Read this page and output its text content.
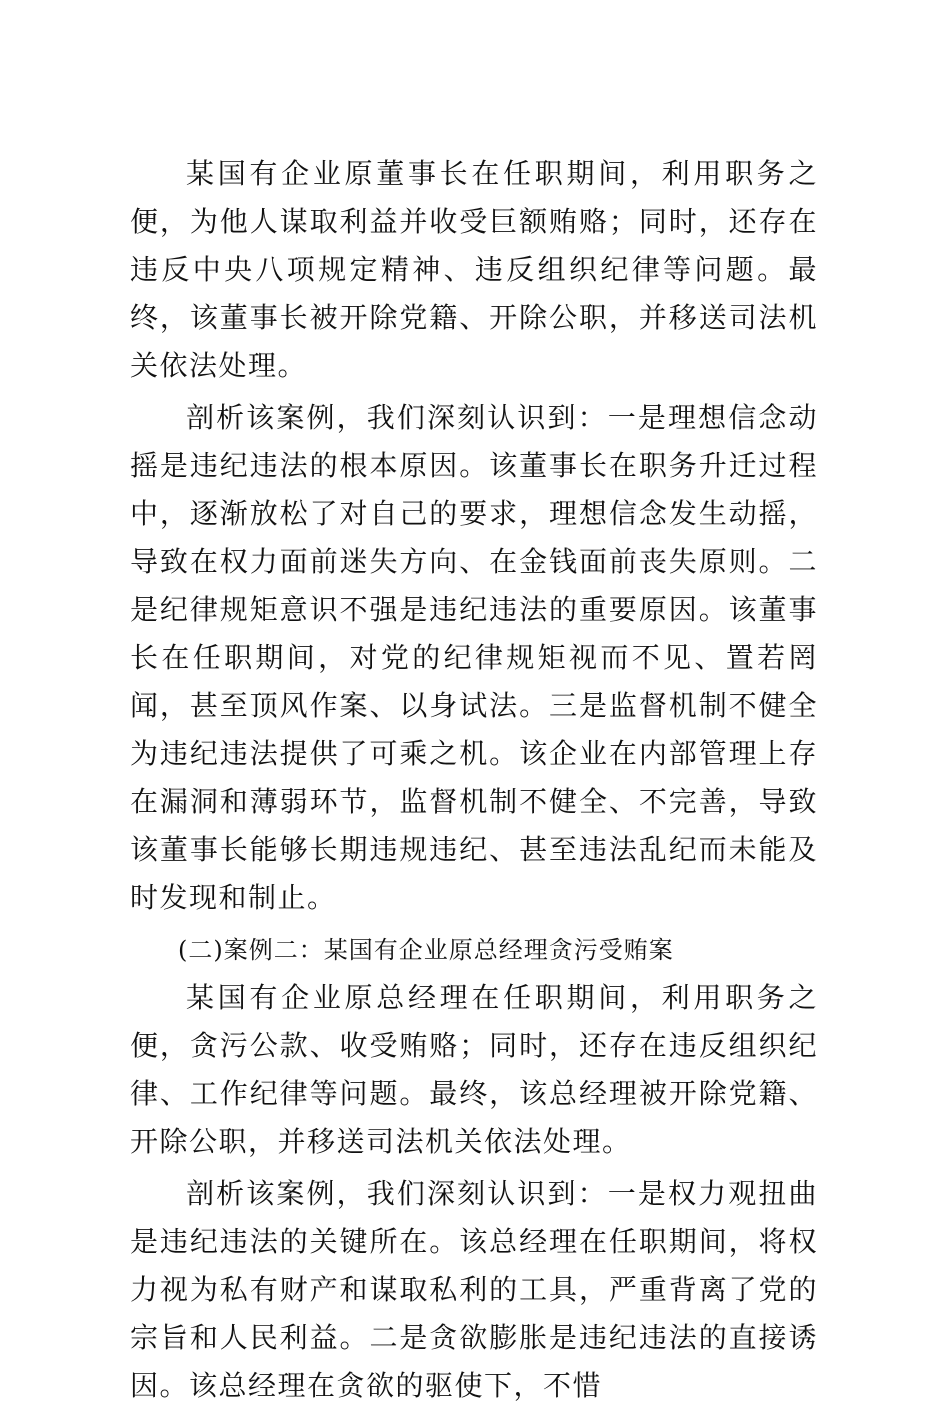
某国有企业原董事长在任职期间，利用职务之便，为他人谋取利益并收受巨额贿赂；同时，还存在违反中央八项规定精神、违反组织纪律等问题。最终，该董事长被开除党籍、开除公职，并移送司法机关依法处理。

剖析该案例，我们深刻认识到：一是理想信念动摇是违纪违法的根本原因。该董事长在职务升迁过程中，逐渐放松了对自己的要求，理想信念发生动摇，导致在权力面前迷失方向、在金钱面前丧失原则。二是纪律规矩意识不强是违纪违法的重要原因。该董事长在任职期间，对党的纪律规矩视而不见、置若罔闻，甚至顶风作案、以身试法。三是监督机制不健全为违纪违法提供了可乘之机。该企业在内部管理上存在漏洞和薄弱环节，监督机制不健全、不完善，导致该董事长能够长期违规违纪、甚至违法乱纪而未能及时发现和制止。

(二)案例二：某国有企业原总经理贪污受贿案

某国有企业原总经理在任职期间，利用职务之便，贪污公款、收受贿赂；同时，还存在违反组织纪律、工作纪律等问题。最终，该总经理被开除党籍、开除公职，并移送司法机关依法处理。

剖析该案例，我们深刻认识到：一是权力观扭曲是违纪违法的关键所在。该总经理在任职期间，将权力视为私有财产和谋取私利的工具，严重背离了党的宗旨和人民利益。二是贪欲膨胀是违纪违法的直接诱因。该总经理在贪欲的驱使下，不惜
